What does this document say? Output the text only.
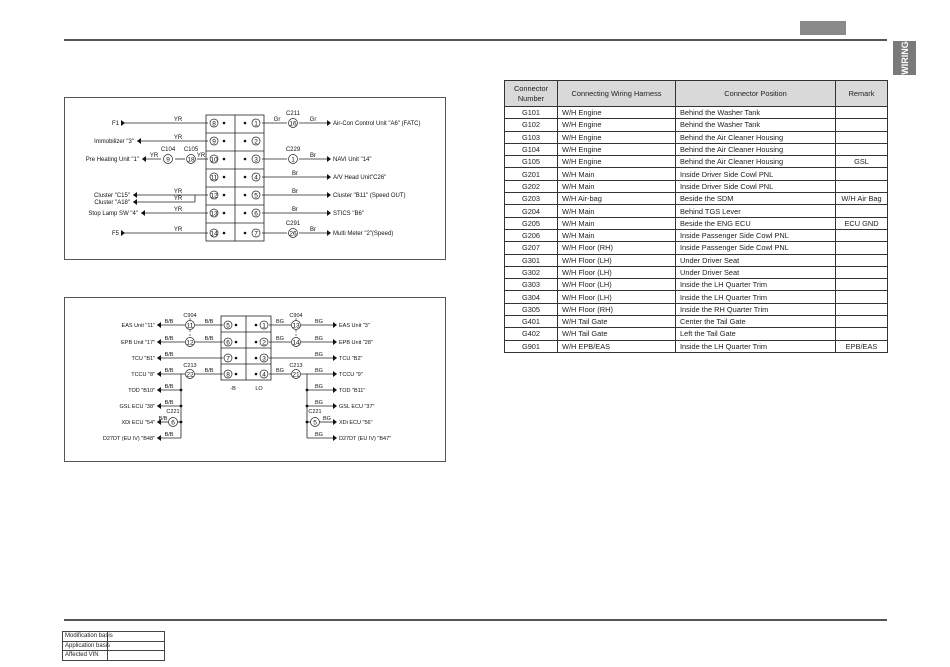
WIRING
8
9
10
11
12
13
14
1
2
3
4
5
6
7
16
1
26
9	18
C211
C229
C291
C104 C105
YR
YR
YR
YR
YR
YR
YR
Gr
Br
Br
Br
Br
Br
Gr
YR
F1
Immobilizer "3"
Pre Heating Unit "1"
Cluster "C15"
Cluster "A18"
Stop Lamp SW "4"
F5
Air-Con Control Unit "A6" (FATC)
NAVI Unit "14"
A/V Head Unit"C26"
Cluster "B11" (Speed OUT)
STICS "B6"
Multi Meter "2"(Speed)
5
6
7
8
1
2
3
4
11
12
22
6
13
14
21
5
C904
C213
C221
C904
C213
C221
B/B
B/B
B/B
B/B
B/B
B/B
B/B
B/B
B/B
B/B
B/B
BG
BG
BG
BG
BG
BG
BG
BG
BG
BG
BG
-B	LO
EAS Unit "11"
EPB Unit "17"
TCU "B1"
TCCU "8"
TOD "B10"
GSL ECU "38"
XDi ECU "54"
D27DT (EU IV) "B48"
EAS Unit "3"
EPB Unit "28"
TCU "B2"
TCCU "9"
TOD "B11"
GSL ECU "37"
XDi ECU "56"
D27DT (EU IV) "B47"
Connector Number	Connecting Wiring Harness	Connector Position	Remark
G101	W/H Engine	Behind the Washer Tank	
G102	W/H Engine	Behind the Washer Tank	
G103	W/H Engine	Behind the Air Cleaner Housing	
G104	W/H Engine	Behind the Air Cleaner Housing	
G105	W/H Engine	Behind the Air Cleaner Housing	GSL
G201	W/H Main	Inside Driver Side Cowl PNL	
G202	W/H Main	Inside Driver Side Cowl PNL	
G203	W/H Air-bag	Beside the SDM	W/H Air Bag
G204	W/H Main	Behind TGS Lever	
G205	W/H Main	Beside the ENG ECU	ECU GND
G206	W/H Main	Inside Passenger Side Cowl PNL	
G207	W/H Floor (RH)	Inside Passenger Side Cowl PNL	
G301	W/H Floor (LH)	Under Driver Seat	
G302	W/H Floor (LH)	Under Driver Seat	
G303	W/H Floor (LH)	Inside the LH Quarter Trim	
G304	W/H Floor (LH)	Inside the LH Quarter Trim	
G305	W/H Floor (RH)	Inside the RH Quarter Trim	
G401	W/H Tail Gate	Center the Tail Gate	
G402	W/H Tail Gate	Left the Tail Gate	
G901	W/H EPB/EAS	Inside the LH Quarter Trim	EPB/EAS
Modification basis	
Application basis	
Affected VIN	
